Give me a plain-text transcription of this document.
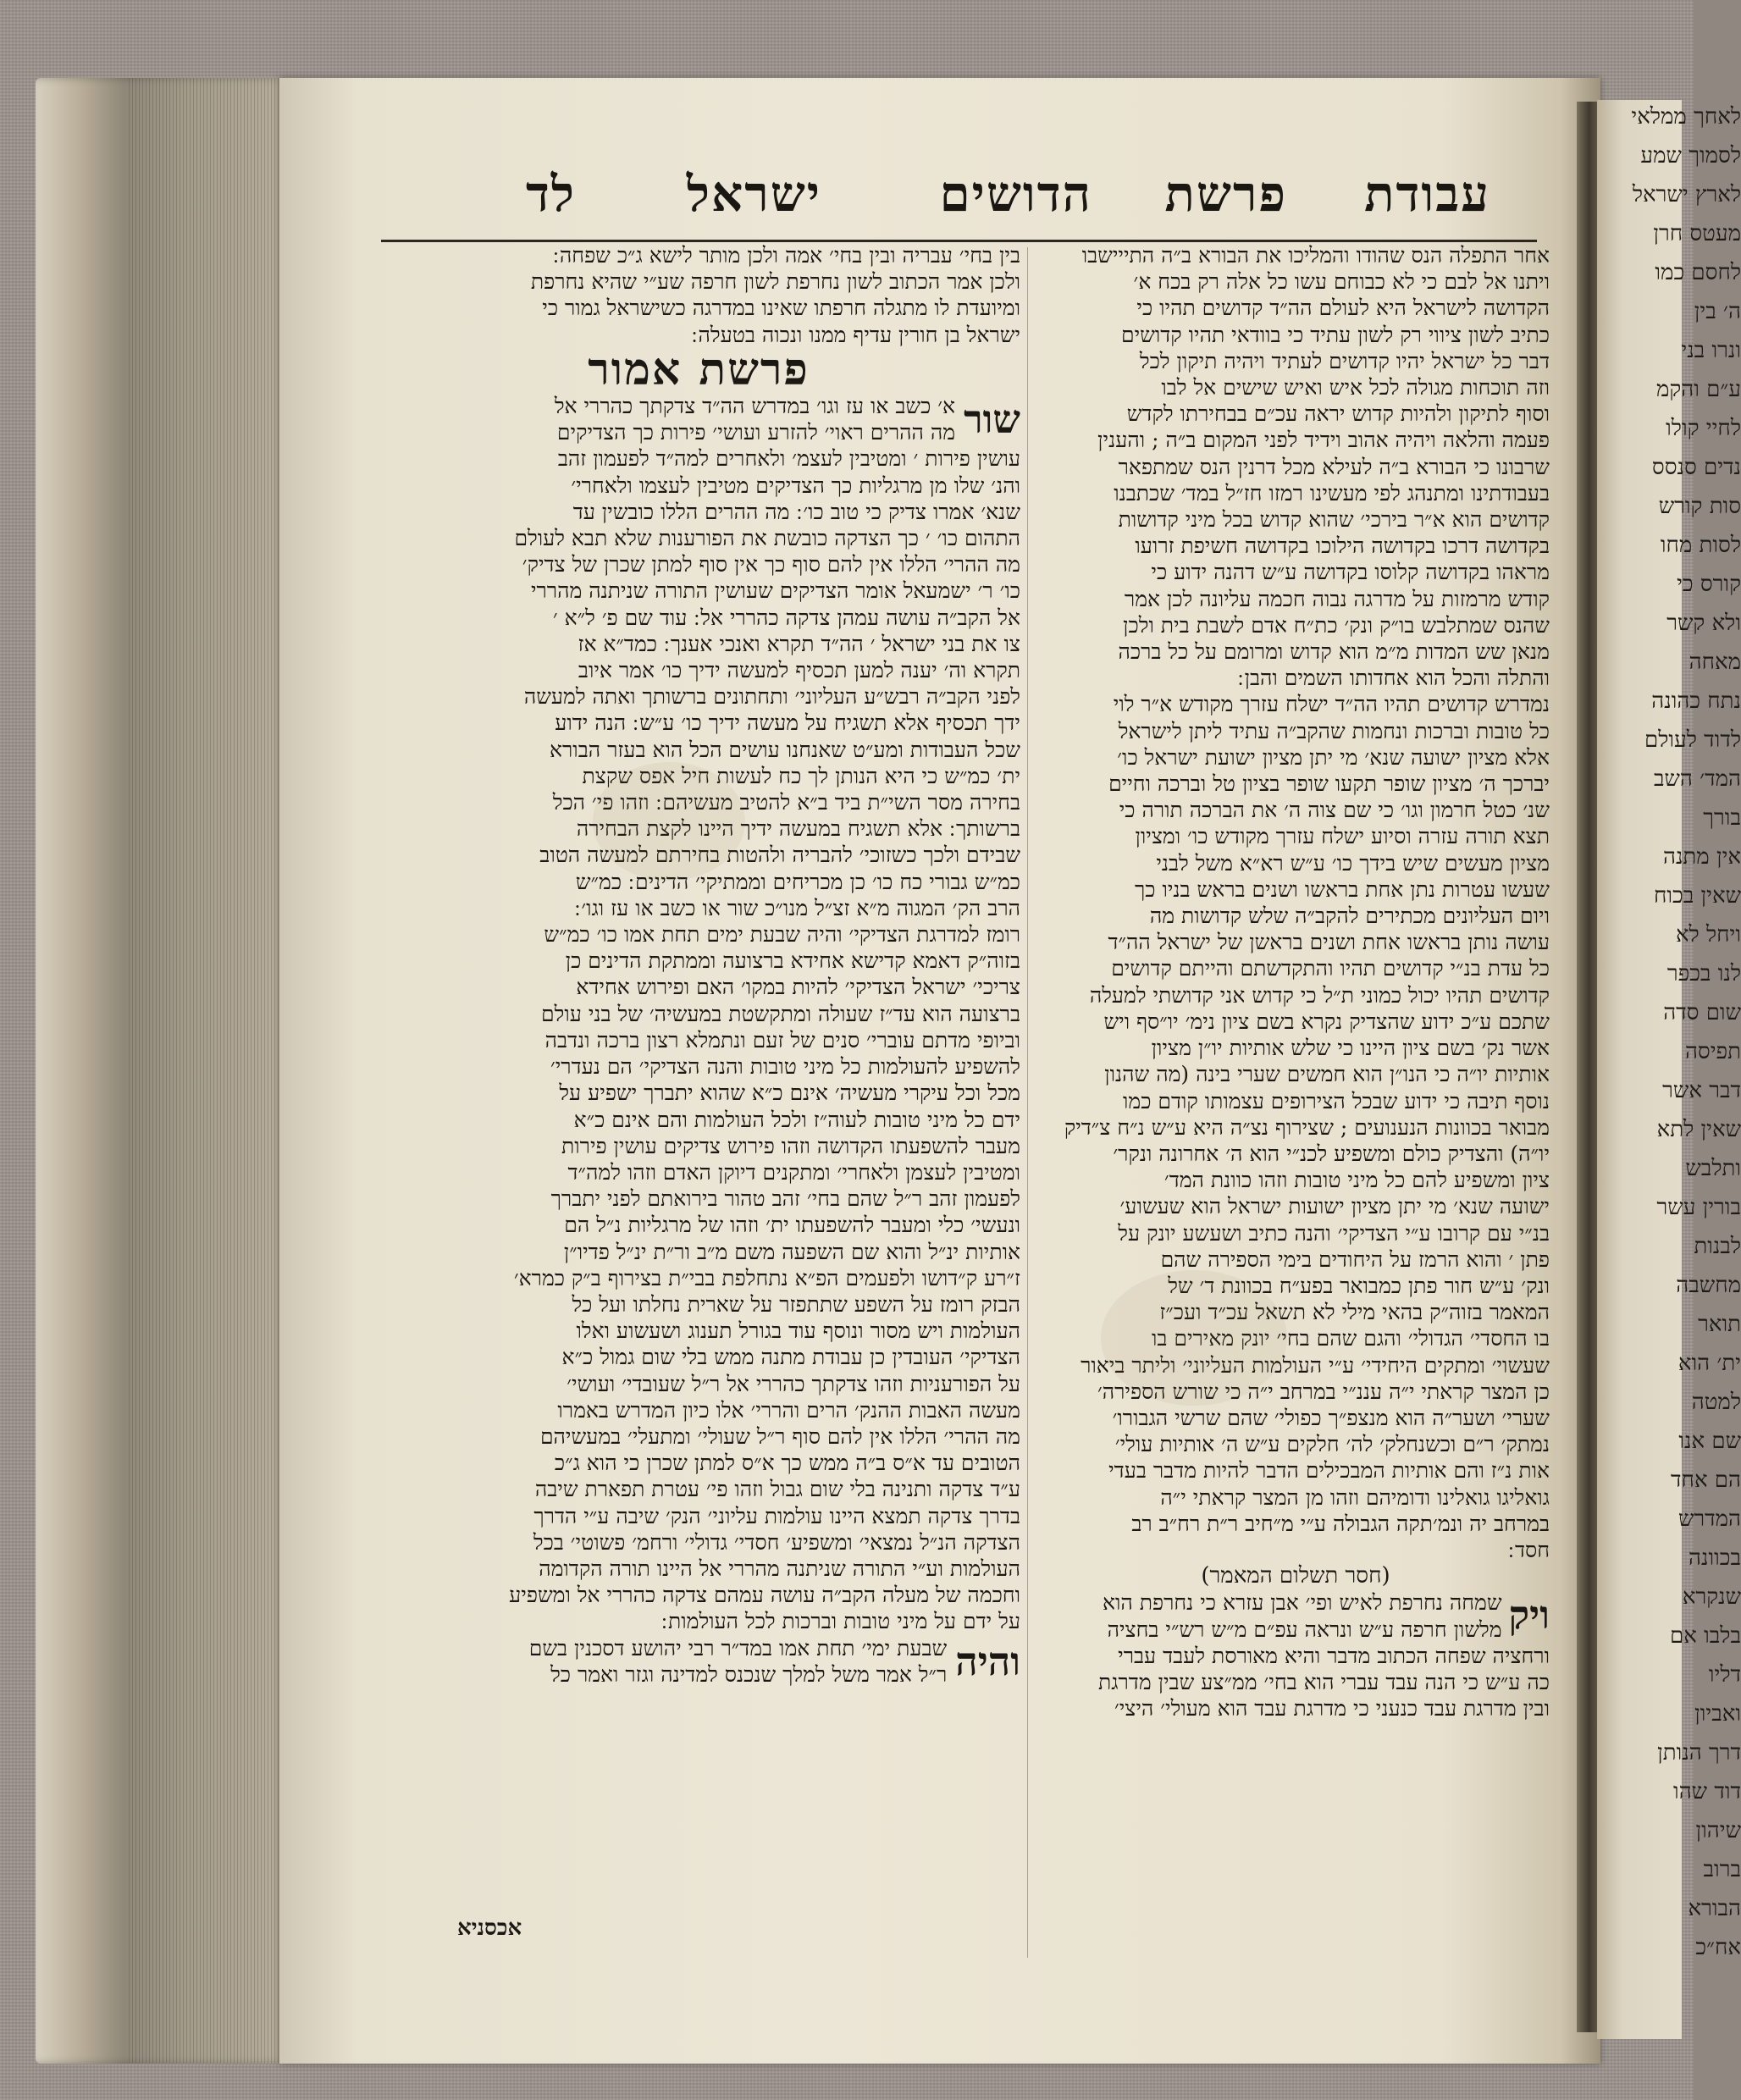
לאחך ממלאי
לסמוך שמע
לארץ ישראל
מעטס חרן
לחסם כמו
ה׳ בין
ונרו בני
ע״ם והקמ
לחיי קולו
נדים סנסס
סות קורש
לסות מחו
קורס כי
ולא קשר
מאחה
נתח כהונה
לדוד לעולם
המד׳ השב
בורך
אין מתנה
שאין בכוח
ויחל לא
לנו בכפר
שום סדה
תפיסה
דבר אשר
שאין לתא
ותלבש
בורין עשר
לבנות
מחשבה
תואר
ית׳ הוא
למטה
שם אנו
הם אחד
המדרש
בכוונה
שנקרא
בלבו אם
דליו
ואביון
דרך הנותן
דוד שהו
שיהון
ברוב
הבורא
אח״כ
עבודת
פרשת
הדושים
ישראל
לד

אחר התפלה הנס שהודו והמליכו את הבורא ב״ה התייישבו

ויתנו אל לבם כי לא כבוחם עשו כל אלה רק בכח א׳

הקדושה לישראל היא לעולם הה״ד קדושים תהיו כי

כתיב לשון ציווי רק לשון עתיד כי בוודאי תהיו קדושים

דבר כל ישראל יהיו קדושים לעתיד ויהיה תיקון לכל

וזה תוכחות מגולה לכל איש ואיש שישים אל לבו

וסוף לתיקון ולהיות קדוש יראה עכ״ם בבחירתו לקדש

פעמה והלאה ויהיה אהוב וידיד לפני המקום ב״ה ; והענין

שרבונו כי הבורא ב״ה לעילא מכל דרנין הנס שמתפאר

בעבודתינו ומתנהג לפי מעשינו רמזו חז״ל במד׳ שכתבנו

קדושים הוא א״ר בירכי׳ שהוא קדוש בכל מיני קדושות

בקדושה דרכו בקדושה הילוכו בקדושה חשיפת זרועו

מראהו בקדושה קלוסו בקדושה ע״ש דהנה ידוע כי

קודש מרמזות על מדרגה נבוה חכמה עליונה לכן אמר

שהנס שמתלבש בו״ק ונק׳ כת״ח אדם לשבת בית ולכן

מנאן שש המדות מ״מ הוא קדוש ומרומם על כל ברכה

והתלה והכל הוא אחדותו השמים והבן ׃

נמדרש קדושים תהיו הה״ד ישלח עזרך מקודש א״ר לוי

כל טובות וברכות ונחמות שהקב״ה עתיד ליתן לישראל

אלא מציון ישועה שנא׳ מי יתן מציון ישועת ישראל כו׳

יברכך ה׳ מציון שופר תקעו שופר בציון טל וברכה וחיים

שנ׳ כטל חרמון וגו׳ כי שם צוה ה׳ את הברכה תורה כי

תצא תורה עזרה וסיוע ישלח עזרך מקודש כו׳ ומציון

מציון מעשים שיש בידך כו׳ ע״ש רא״א משל לבני

שעשו עטרות נתן אחת בראשו ושנים בראש בניו כך

ויום העליונים מכתירים להקב״ה שלש קדושות מה

עושה נותן בראשו אחת ושנים בראשן של ישראל הה״ד

כל עדת בנ״י קדושים תהיו והתקדשתם והייתם קדושים

קדושים תהיו יכול כמוני ת״ל כי קדוש אני קדושתי למעלה

שתכם ע״כ ידוע שהצדיק נקרא בשם ציון נימ׳ יו״סף ויש

אשר נק׳ בשם ציון היינו כי שלש אותיות יו״ן מציון

אותיות יו״ה כי הנו״ן הוא חמשים שערי בינה (מה שהנון

נוסף תיבה כי ידוע שבכל הצירופים עצמותו קודם כמו

מבואר בכוונות הנענועים ; שצירוף נצ״ה היא ע״ש נ״ח צ״דיק

יו״ה) והצדיק כולם ומשפיע לכנ״י הוא ה׳ אחרונה ונקר׳

ציון ומשפיע להם כל מיני טובות וזהו כוונת המד׳

ישועה שנא׳ מי יתן מציון ישועות ישראל הוא שעשוע׳

בנ״י עם קרובו ע״י הצדיקי׳ והנה כתיב ושעשע יונק על

פתן ׳ והוא הרמז על היחודים בימי הספירה שהם

ונק׳ ע״ש חור פתן כמבואר בפע״ח בכוונת ד׳ של

המאמר בזוה״ק בהאי מילי לא תשאל עכ״ד ועכ״ז

בו החסדי׳ הגדולי׳ והגם שהם בחי׳ יונק מאירים בו

שעשוי׳ ומתקים היחידי׳ ע״י העולמות העליוני׳ וליתר ביאור

כן המצר קראתי י״ה עננ״י במרחב י״ה כי שורש הספירה׳

שערי׳ ושער״ה הוא מנצפ״ך כפולי׳ שהם שרשי הגבורו׳

נמתק׳ ר״ם וכשנחלק׳ לה׳ חלקים ע״ש ה׳ אותיות עולי׳

אות נ״ז והם אותיות המבכילים הדבר להיות מדבר בעדי

גואליגו גואלינו ודומיהם וזהו מן המצר קראתי י״ה

במרחב יה ונמ׳תקה הגבולה ע״י מ״חיב ר״ת רח״ב רב

חסד ׃

(חסר תשלום המאמר)

ויק

שמחה נחרפת לאיש ופי׳ אבן עזרא כי נחרפת הוא

מלשון חרפה ע״ש ונראה עפ״ם מ״ש רש״י בחציה

ורחציה שפחה הכתוב מדבר והיא מאורסת לעבד עברי

כה ע״ש כי הנה עבד עברי הוא בחי׳ ממ״צע שבין מדרגת

ובין מדרגת עבד כנעני כי מדרגת עבד הוא מעולי׳ היצי׳

בין בחי׳ עבריה ובין בחי׳ אמה ולכן מותר לישא ג״כ שפחה ׃

ולכן אמר הכתוב לשון נחרפת לשון חרפה שע״י שהיא נחרפת

ומיועדת לו מתגלה חרפתו שאינו במדרגה כשישראל גמור כי

ישראל בן חורין עדיף ממנו ונכוה בטעלה ׃

פרשת אמור

שור

א׳ כשב או עז וגו׳ במדרש הה״ד צדקתך כהררי אל

מה ההרים ראוי׳ להזרע ועושי׳ פירות כך הצדיקים

עושין פירות ׳ ומטיבין לעצמ׳ ולאחרים למה״ד לפעמון זהב

והנ׳ שלו מן מרגליות כך הצדיקים מטיבין לעצמו ולאחרי׳

שנא׳ אמרו צדיק כי טוב כו׳ ׃ מה ההרים הללו כובשין עד

התהום כו׳ ׳ כך הצדקה כובשת את הפורענות שלא תבא לעולם

מה ההרי׳ הללו אין להם סוף כך אין סוף למתן שכרן של צדיק׳

כו׳ ר׳ ישמעאל אומר הצדיקים שעושין התורה שניתנה מהררי

אל הקב״ה עושה עמהן צדקה כהררי אל ׃ עוד שם פ׳ ל״א ׳

צו את בני ישראל ׳ הה״ד תקרא ואנכי אענך ׃ כמד״א אז

תקרא וה׳ יענה למען תכסיף למעשה ידיך כו׳ אמר איוב

לפני הקב״ה רבש״ע העליוני׳ ותחתונים ברשותך ואתה למעשה

ידך תכסיף אלא תשגיח על מעשה ידיך כו׳ ע״ש ׃ הנה ידוע

שכל העבודות ומע״ט שאנחנו עושים הכל הוא בעזר הבורא

ית׳ כמ״ש כי היא הנותן לך כח לעשות חיל אפס שקצת

בחירה מסר השי״ת ביד ב״א להטיב מעשיהם ׃ וזהו פי׳ הכל

ברשותך ׃ אלא תשגיח במעשה ידיך היינו לקצת הבחירה

שבידם ולכך כשזוכי׳ להבריה ולהטות בחירתם למעשה הטוב

כמ״ש גבורי כח כו׳ כן מכריחים וממתיקי׳ הדינים ׃ כמ״ש

הרב הק׳ המגוה מ״א זצ״ל מנו״כ שור או כשב או עז וגו׳ ׃

רומז למדרגת הצדיקי׳ והיה שבעת ימים תחת אמו כו׳ כמ״ש

בזוה״ק דאמא קדישא אחידא ברצועה וממתקת הדינים כן

צריכי׳ ישראל הצדיקי׳ להיות במקו׳ האם ופירוש אחידא

ברצועה הוא עד״ז שעולה ומתקשטת במעשיה׳ של בני עולם

וביופי מדתם עוברי׳ סנים של זעם ונתמלא רצון ברכה ונדבה

להשפיע להעולמות כל מיני טובות והנה הצדיקי׳ הם נעדרי׳

מכל וכל עיקרי מעשיה׳ אינם כ״א שהוא יתברך ישפיע על

ידם כל מיני טובות לעוה״ז ולכל העולמות והם אינם כ״א

מעבר להשפעתו הקדושה וזהו פירוש צדיקים עושין פירות

ומטיבין לעצמן ולאחרי׳ ומתקנים דיוקן האדם וזהו למה״ד

לפעמון זהב ר״ל שהם בחי׳ זהב טהור בירואתם לפני יתברך

ונעשי׳ כלי ומעבר להשפעתו ית׳ וזהו של מרגליות נ״ל הם

אותיות ינ״ל והוא שם השפעה משם מ״ב ור״ת ינ״ל פדיו״ן

ז״רע ק״דושו ולפעמים הפ״א נתחלפת בבי״ת בצירוף ב״ק כמרא׳

הבזק רומז על השפע שתתפזר על שארית נחלתו ועל כל

העולמות ויש מסור ונוסף עוד בגורל תענוג ושעשוע ואלו

הצדיקי׳ העובדין כן עבודת מתנה ממש בלי שום גמול כ״א

על הפורעניות וזהו צדקתך כהררי אל ר״ל שעובדי׳ ועושי׳

מעשה האבות ההנק׳ הרים והררי׳ אלו כיון המדרש באמרו

מה ההרי׳ הללו אין להם סוף ר״ל שעולי׳ ומתעלי׳ במעשיהם

הטובים עד א״ס ב״ה ממש כך א״ס למתן שכרן כי הוא ג״כ

ע״ד צדקה ותנינה בלי שום גבול וזהו פי׳ עטרת תפארת שיבה

בדרך צדקה תמצא היינו עולמות עליוני׳ הנק׳ שיבה ע״י הדרך

הצדקה הנ״ל נמצאי׳ ומשפיע׳ חסדי׳ גדולי׳ ורחמ׳ פשוטי׳ בכל

העולמות וע״י התורה שניתנה מהררי אל היינו תורה הקדומה

וחכמה של מעלה הקב״ה עושה עמהם צדקה כהררי אל ומשפיע

על ידם על מיני טובות וברכות לכל העולמות ׃

והיה

שבעת ימי׳ תחת אמו במד״ר רבי יהושע דסכנין בשם

ר״ל אמר משל למלך שנכנס למדינה וגזר ואמר כל

אכסניא
